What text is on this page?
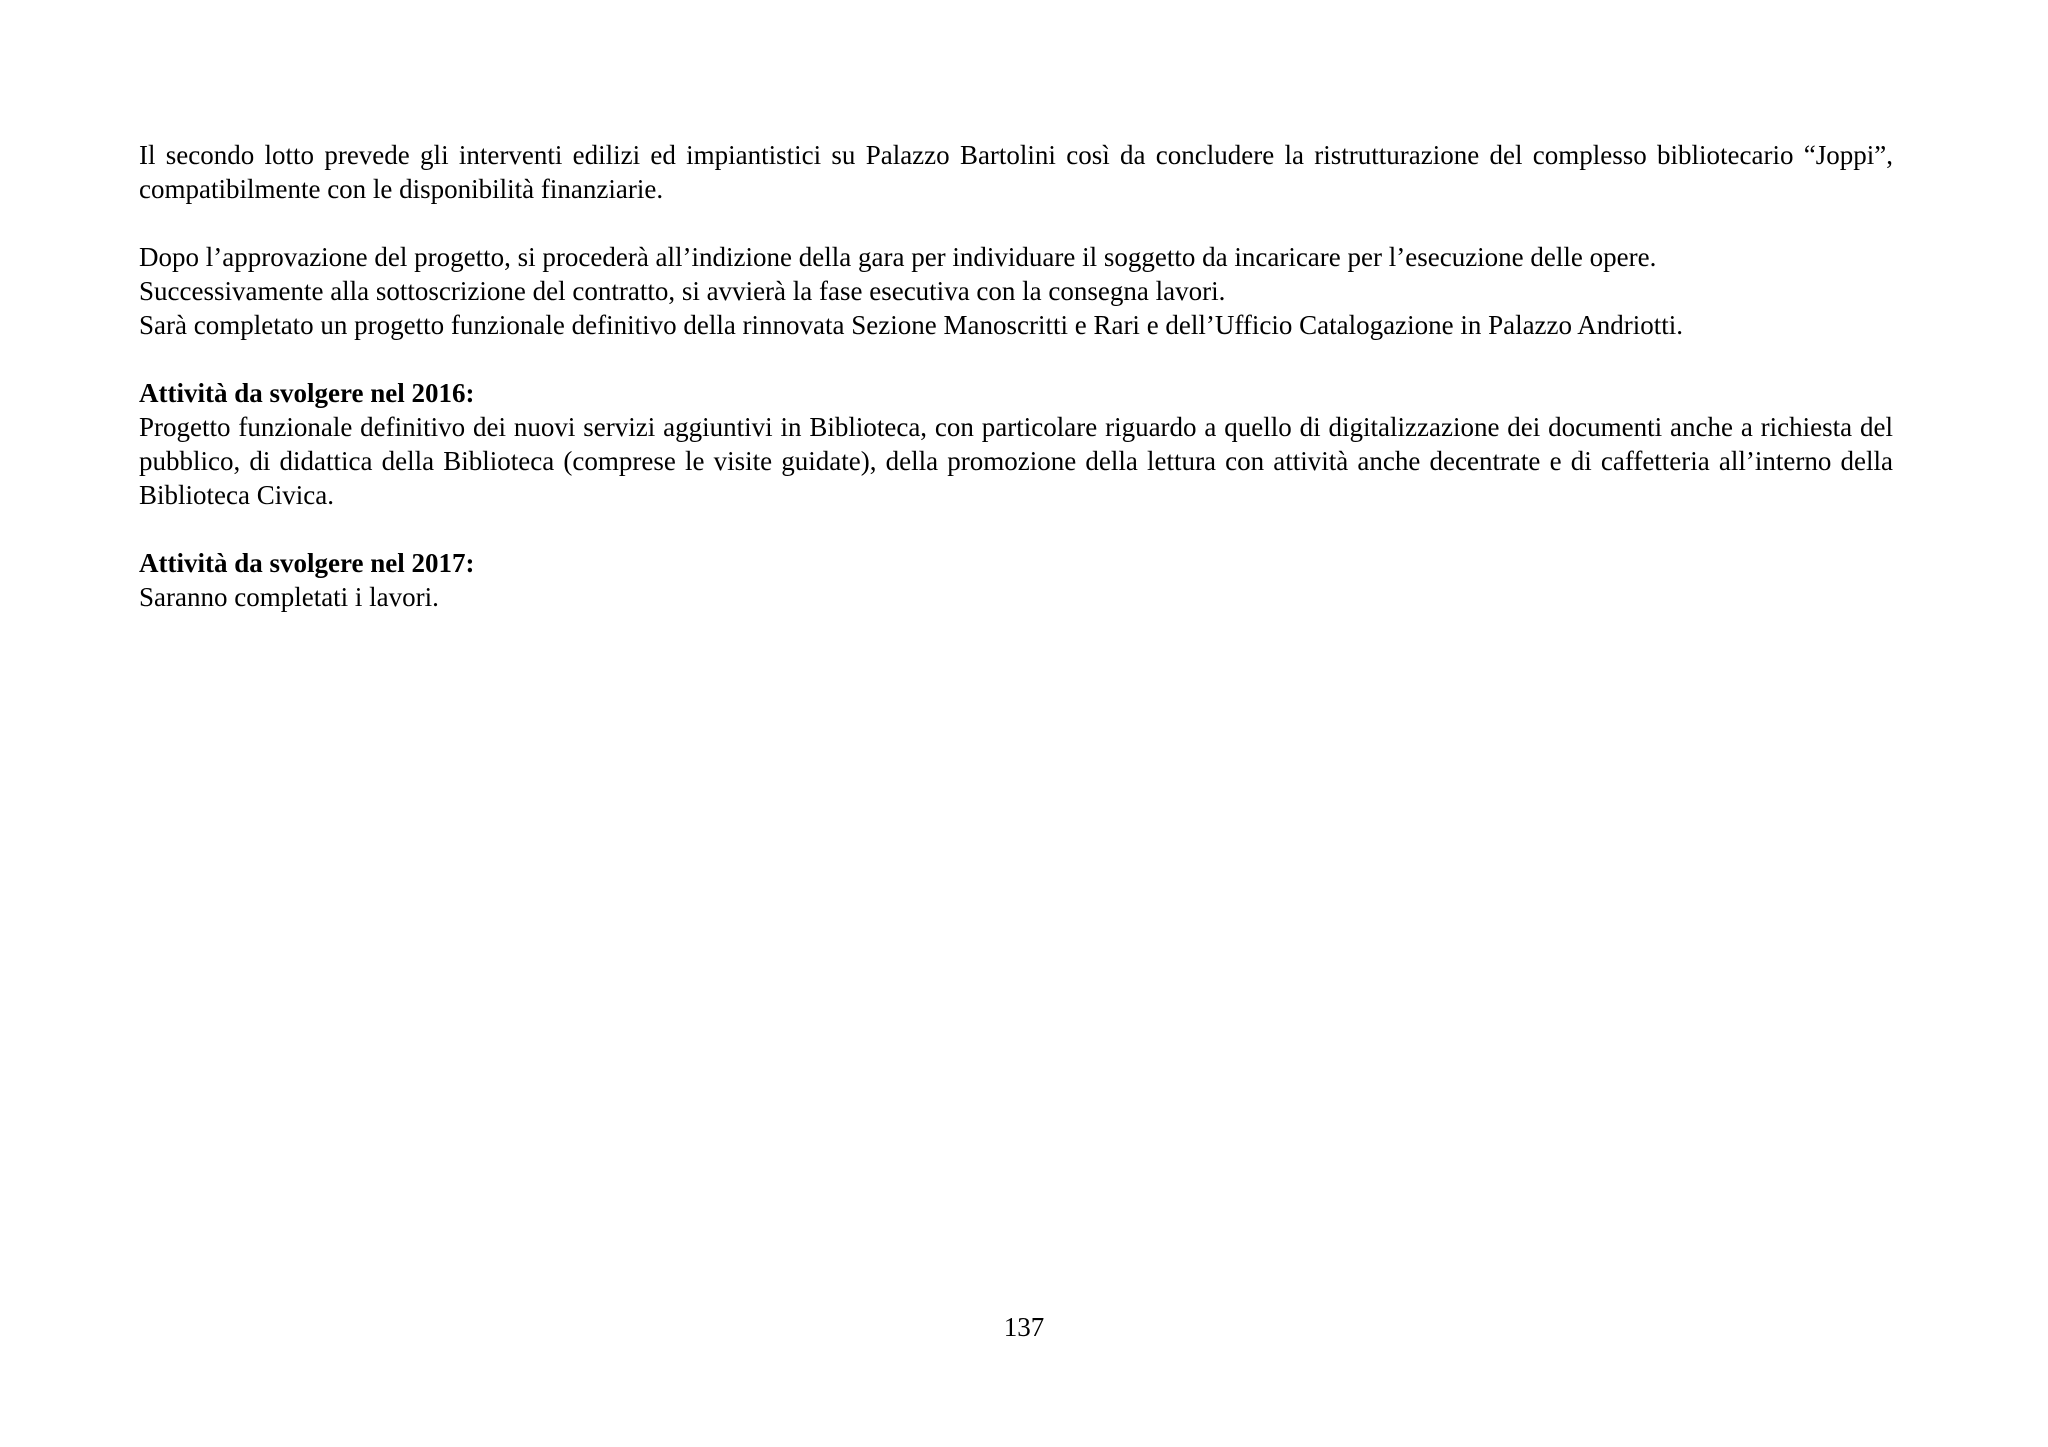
Il secondo lotto prevede gli interventi edilizi ed impiantistici su Palazzo Bartolini così da concludere la ristrutturazione del complesso bibliotecario “Joppi”, compatibilmente con le disponibilità finanziarie.

Dopo l’approvazione del progetto, si procederà all’indizione della gara per individuare il soggetto da incaricare per l’esecuzione delle opere.

Successivamente alla sottoscrizione del contratto, si avvierà la fase esecutiva con la consegna lavori.

Sarà completato un progetto funzionale definitivo della rinnovata Sezione Manoscritti e Rari e dell’Ufficio Catalogazione in Palazzo Andriotti.

Attività da svolgere nel 2016:

Progetto funzionale definitivo dei nuovi servizi aggiuntivi in Biblioteca, con particolare riguardo a quello di digitalizzazione dei documenti anche a richiesta del pubblico, di didattica della Biblioteca (comprese le visite guidate), della promozione della lettura con attività anche decentrate e di caffetteria all’interno della Biblioteca Civica.

Attività da svolgere nel 2017:

Saranno completati i lavori.

137
